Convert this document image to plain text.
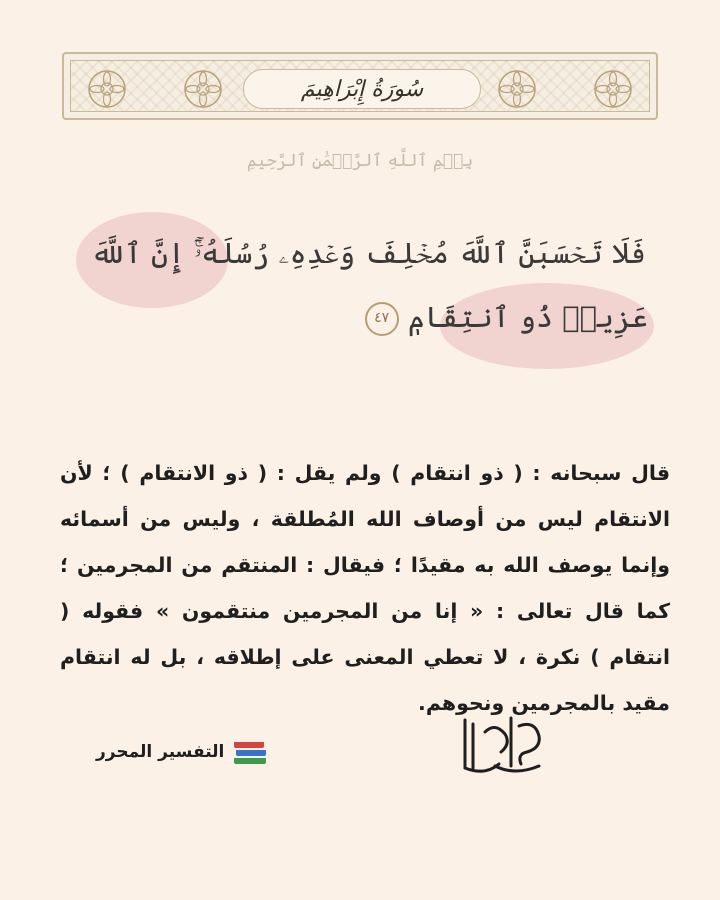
سُورَةُ إِبْرَاهِيمَ
بِسۡمِ ٱللَّهِ ٱلرَّحۡمَٰنِ ٱلرَّحِيمِ
فَلَا تَحۡسَبَنَّ ٱللَّهَ مُخۡلِفَ وَعۡدِهِۦ رُسُلَهُۥٓۚ إِنَّ ٱللَّهَ
عَزِيزٞ ذُو ٱنتِقَامٖ ٤٧
قال سبحانه : ( ذو انتقام ) ولم يقل : ( ذو الانتقام ) ؛ لأن الانتقام ليس من أوصاف الله المُطلقة ، وليس من أسمائه وإنما يوصف الله به مقيدًا ؛ فيقال : المنتقم من المجرمين ؛ كما قال تعالى : « إنا من المجرمين منتقمون » فقوله ( انتقام ) نكرة ، لا تعطي المعنى على إطلاقه ، بل له انتقام مقيد بالمجرمين ونحوهم.
العلم النافع
التفسير المحرر
